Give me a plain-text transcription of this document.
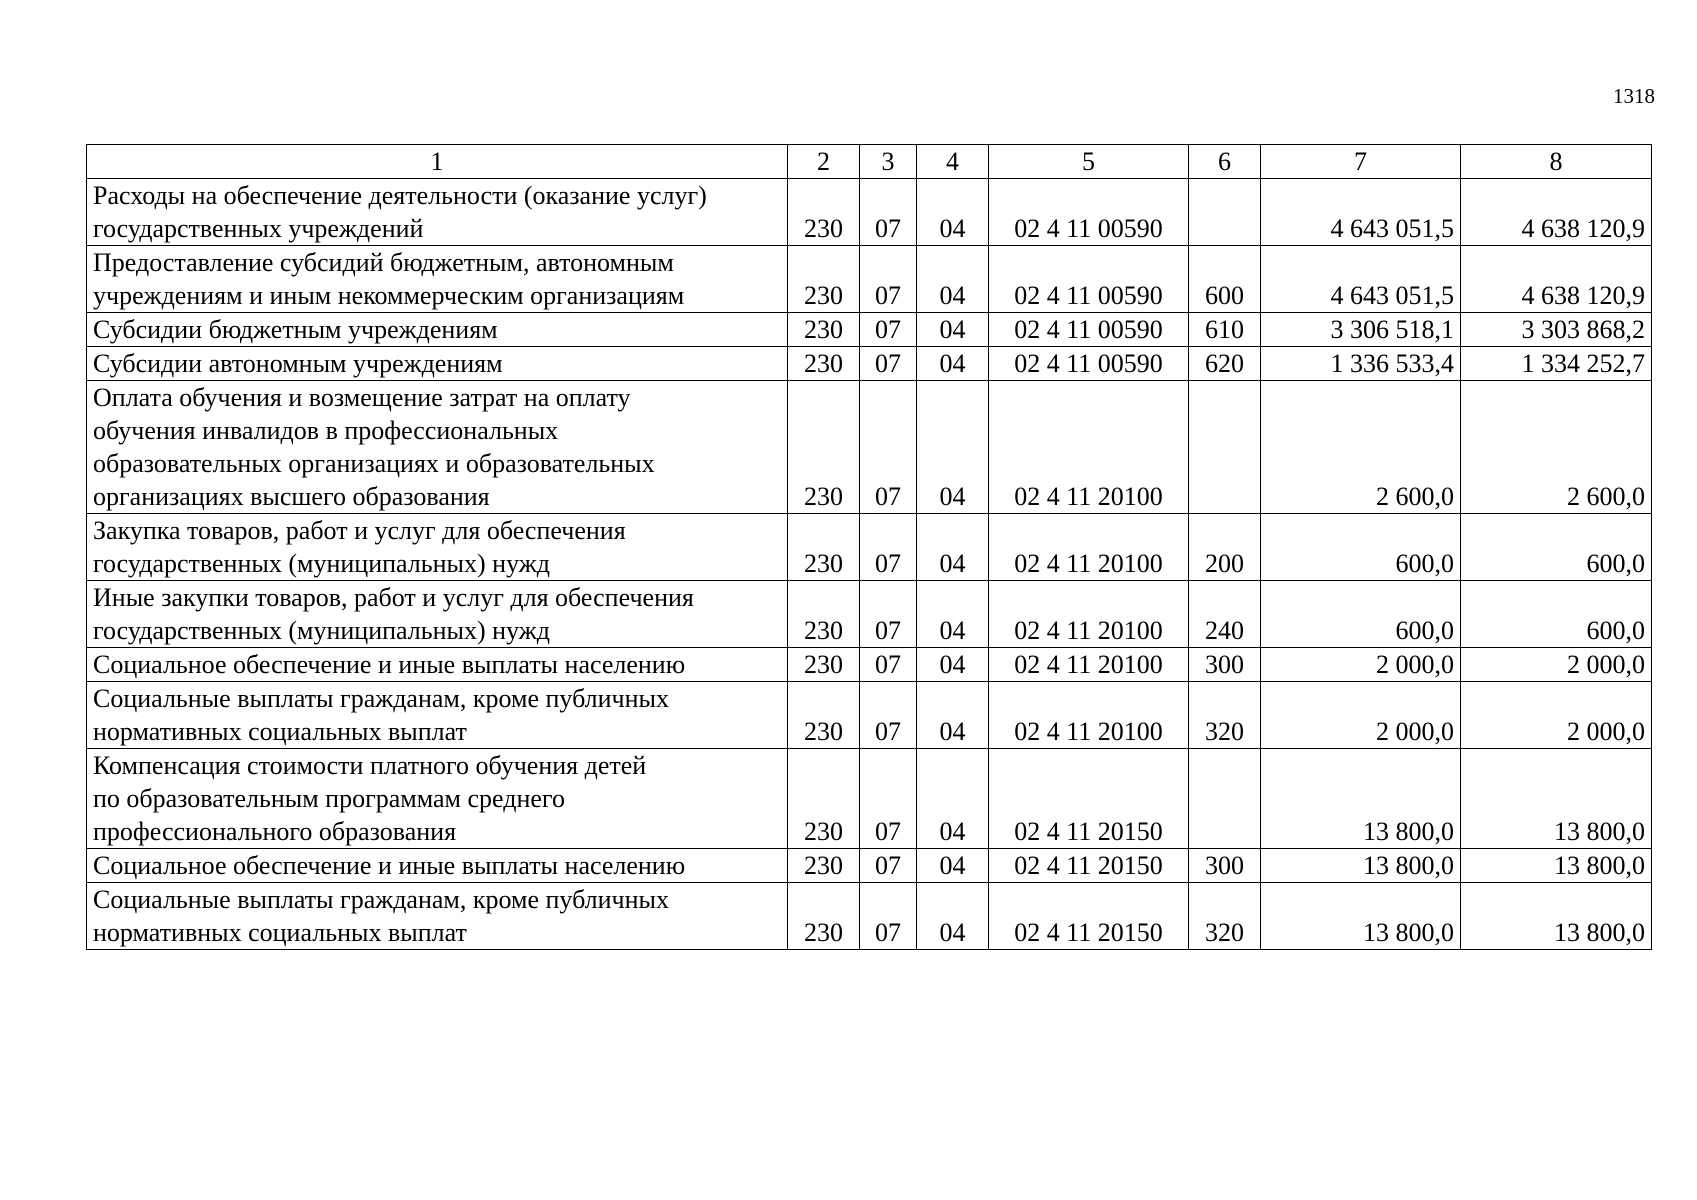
1318
1	2	3	4	5	6	7	8
Расходы на обеспечение деятельности (оказание услуг)
государственных учреждений	230	07	04	02 4 11 00590		4 643 051,5	4 638 120,9
Предоставление субсидий бюджетным, автономным
учреждениям и иным некоммерческим организациям	230	07	04	02 4 11 00590	600	4 643 051,5	4 638 120,9
Субсидии бюджетным учреждениям	230	07	04	02 4 11 00590	610	3 306 518,1	3 303 868,2
Субсидии автономным учреждениям	230	07	04	02 4 11 00590	620	1 336 533,4	1 334 252,7
Оплата обучения и возмещение затрат на оплату
обучения инвалидов в профессиональных
образовательных организациях и образовательных
организациях высшего образования	230	07	04	02 4 11 20100		2 600,0	2 600,0
Закупка товаров, работ и услуг для обеспечения
государственных (муниципальных) нужд	230	07	04	02 4 11 20100	200	600,0	600,0
Иные закупки товаров, работ и услуг для обеспечения
государственных (муниципальных) нужд	230	07	04	02 4 11 20100	240	600,0	600,0
Социальное обеспечение и иные выплаты населению	230	07	04	02 4 11 20100	300	2 000,0	2 000,0
Социальные выплаты гражданам, кроме публичных
нормативных социальных выплат	230	07	04	02 4 11 20100	320	2 000,0	2 000,0
Компенсация стоимости платного обучения детей
по образовательным программам среднего
профессионального образования	230	07	04	02 4 11 20150		13 800,0	13 800,0
Социальное обеспечение и иные выплаты населению	230	07	04	02 4 11 20150	300	13 800,0	13 800,0
Социальные выплаты гражданам, кроме публичных
нормативных социальных выплат	230	07	04	02 4 11 20150	320	13 800,0	13 800,0
